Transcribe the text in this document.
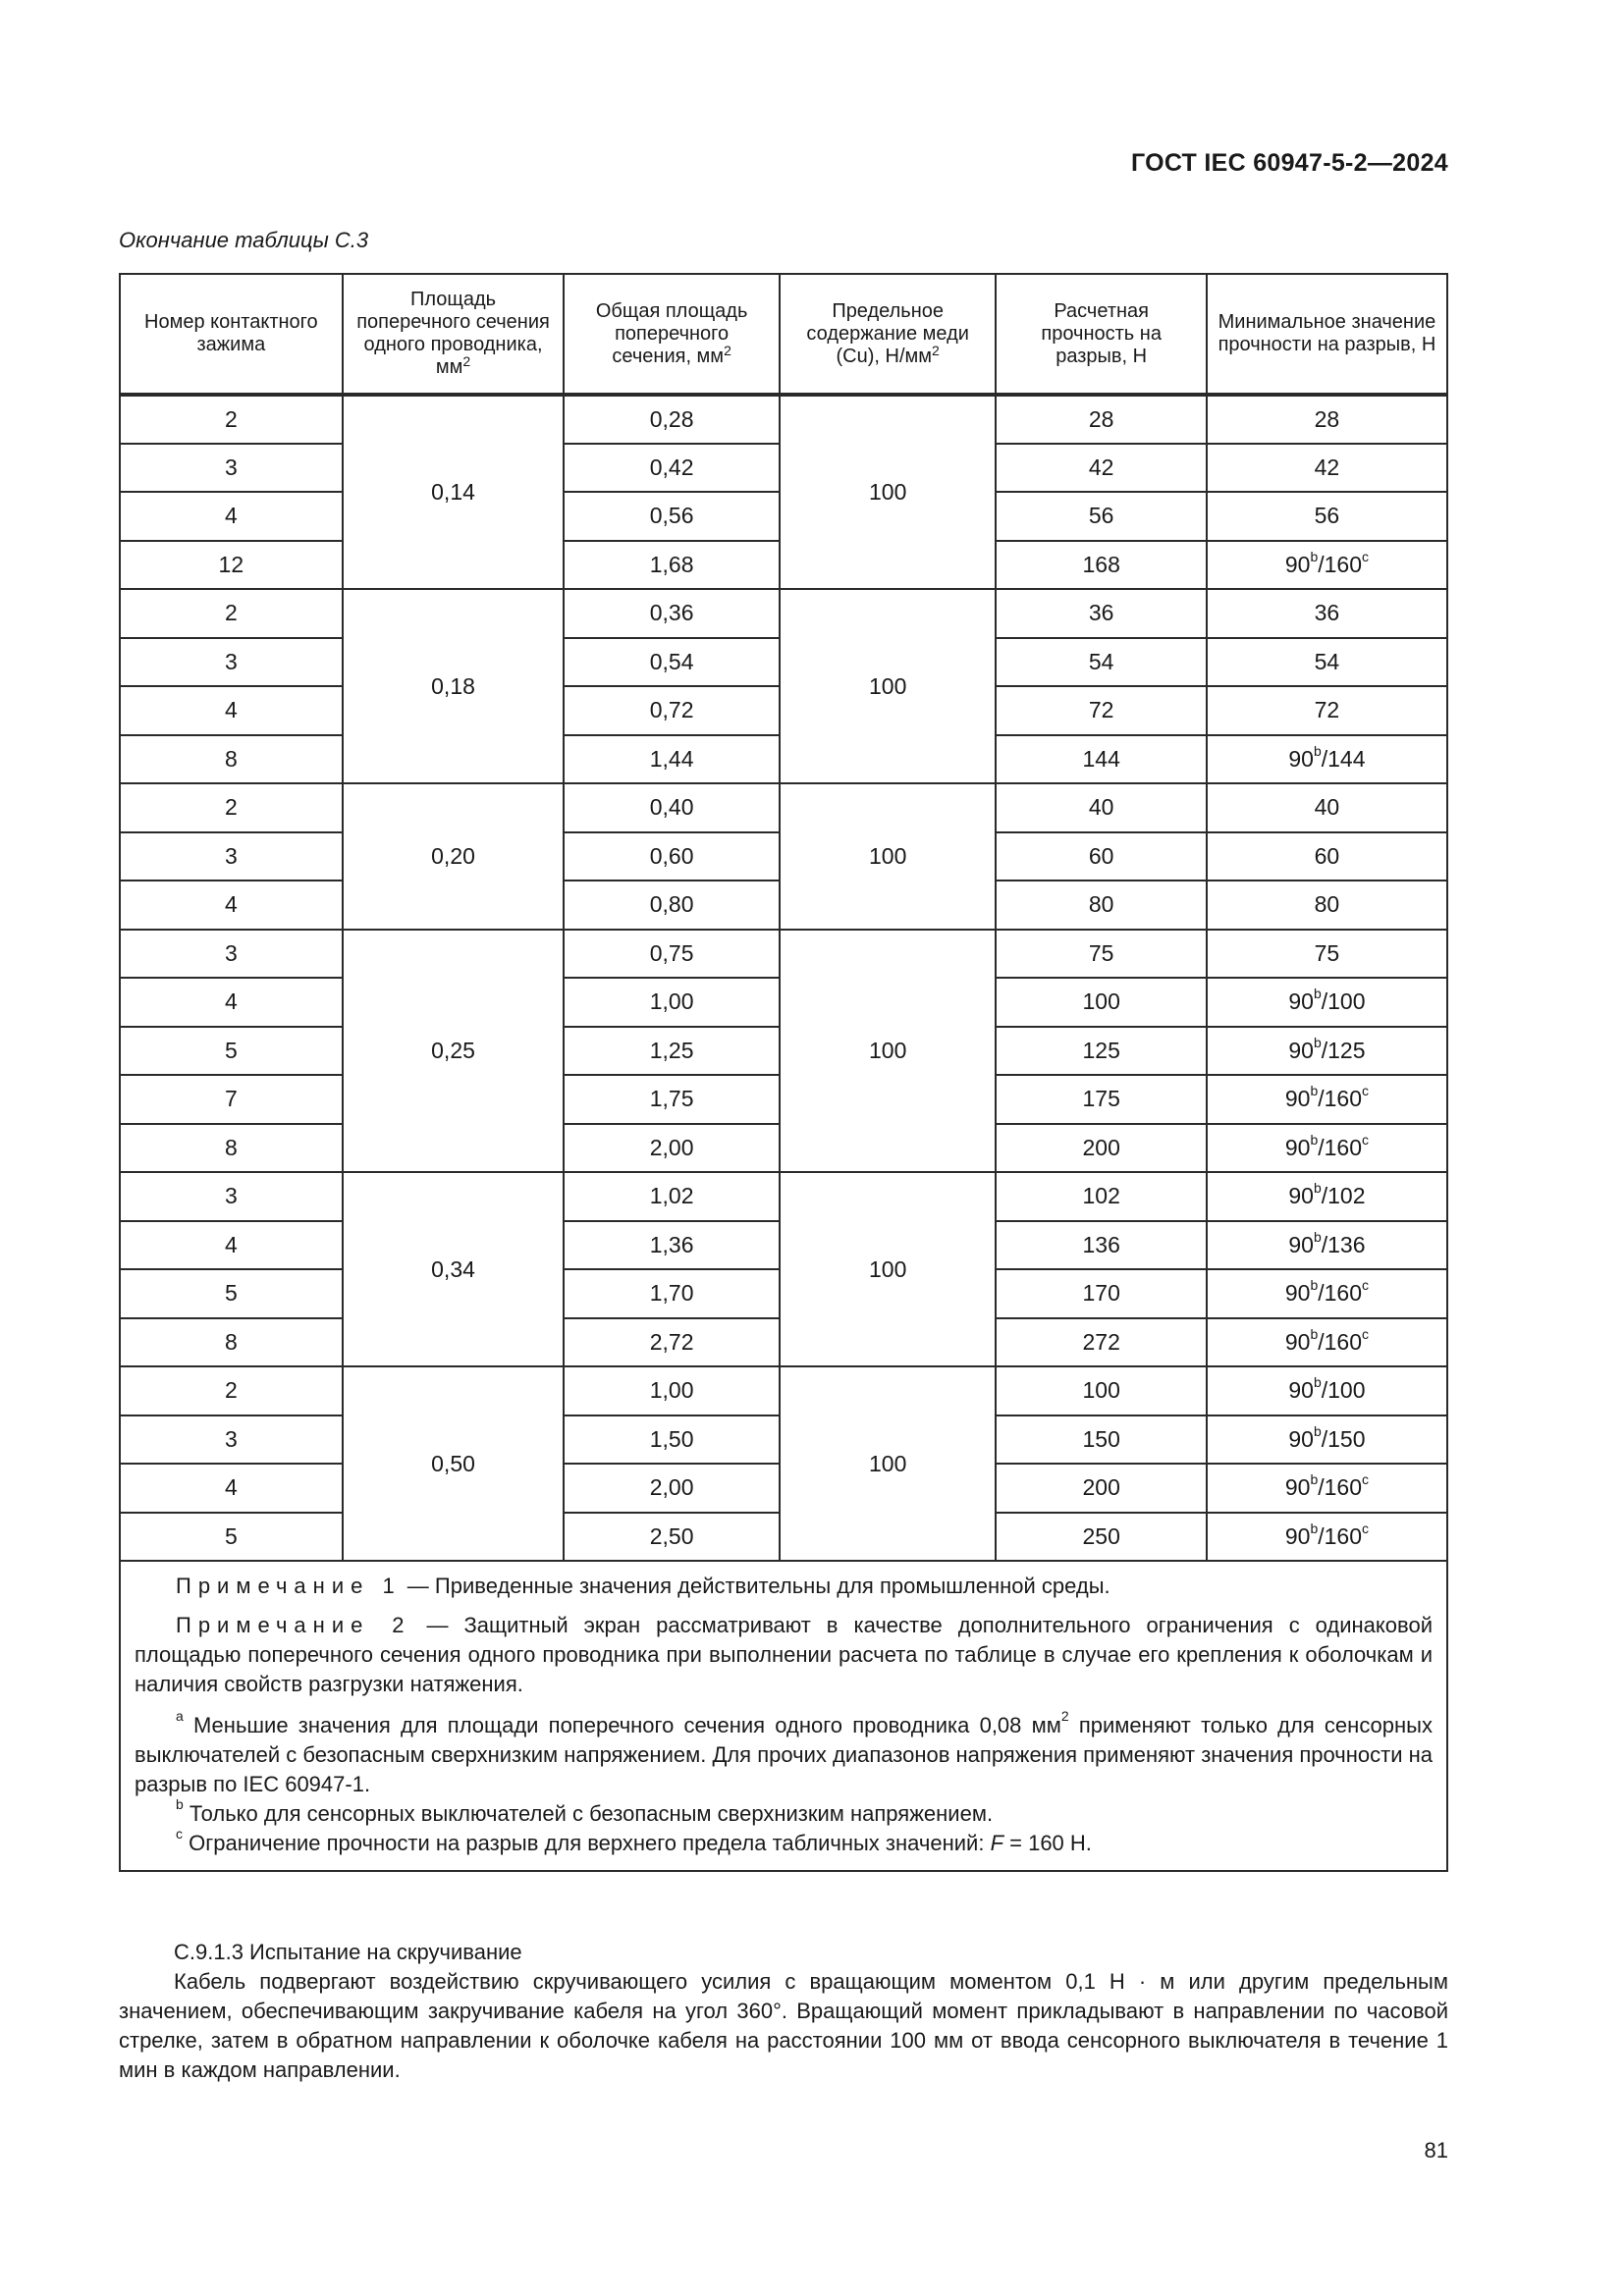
ГОСТ IEC 60947-5-2—2024
Окончание таблицы С.3
Номер контактного зажима	Площадь поперечного сечения одного проводника, $мм^2$	Общая площадь поперечного сечения, $мм^2$	Предельное содержание меди (Cu), $Н/мм^2$	Расчетная прочность на разрыв, Н	Минимальное значение прочности на разрыв, Н
2	0,14	0,28	100	28	28
3		0,42		42	42
4		0,56		56	56
12		1,68		168	90$^b$/160$^c$
2	0,18	0,36	100	36	36
3		0,54		54	54
4		0,72		72	72
8		1,44		144	90$^b$/144
2	0,20	0,40	100	40	40
3		0,60		60	60
4		0,80		80	80
3	0,25	0,75	100	75	75
4		1,00		100	90$^b$/100
5		1,25		125	90$^b$/125
7		1,75		175	90$^b$/160$^c$
8		2,00		200	90$^b$/160$^c$
3	0,34	1,02	100	102	90$^b$/102
4		1,36		136	90$^b$/136
5		1,70		170	90$^b$/160$^c$
8		2,72		272	90$^b$/160$^c$
2	0,50	1,00	100	100	90$^b$/100
3		1,50		150	90$^b$/150
4		2,00		200	90$^b$/160$^c$
5		2,50		250	90$^b$/160$^c$

Примечание 1 — Приведенные значения действительны для промышленной среды.

Примечание 2 — Защитный экран рассматривают в качестве дополнительного ограничения с одинаковой площадью поперечного сечения одного проводника при выполнении расчета по таблице в случае его крепления к оболочкам и наличия свойств разгрузки натяжения.

$^a$ Меньшие значения для площади поперечного сечения одного проводника 0,08 $мм^2$ применяют только для сенсорных выключателей с безопасным сверхнизким напряжением. Для прочих диапазонов напряжения применяют значения прочности на разрыв по IEC 60947-1.

$^b$ Только для сенсорных выключателей с безопасным сверхнизким напряжением.

$^c$ Ограничение прочности на разрыв для верхнего предела табличных значений: F = 160 Н.					

С.9.1.3 Испытание на скручивание

Кабель подвергают воздействию скручивающего усилия с вращающим моментом 0,1 Н · м или другим предельным значением, обеспечивающим закручивание кабеля на угол 360°. Вращающий момент прикладывают в направлении по часовой стрелке, затем в обратном направлении к оболочке кабеля на расстоянии 100 мм от ввода сенсорного выключателя в течение 1 мин в каждом направлении.

81
